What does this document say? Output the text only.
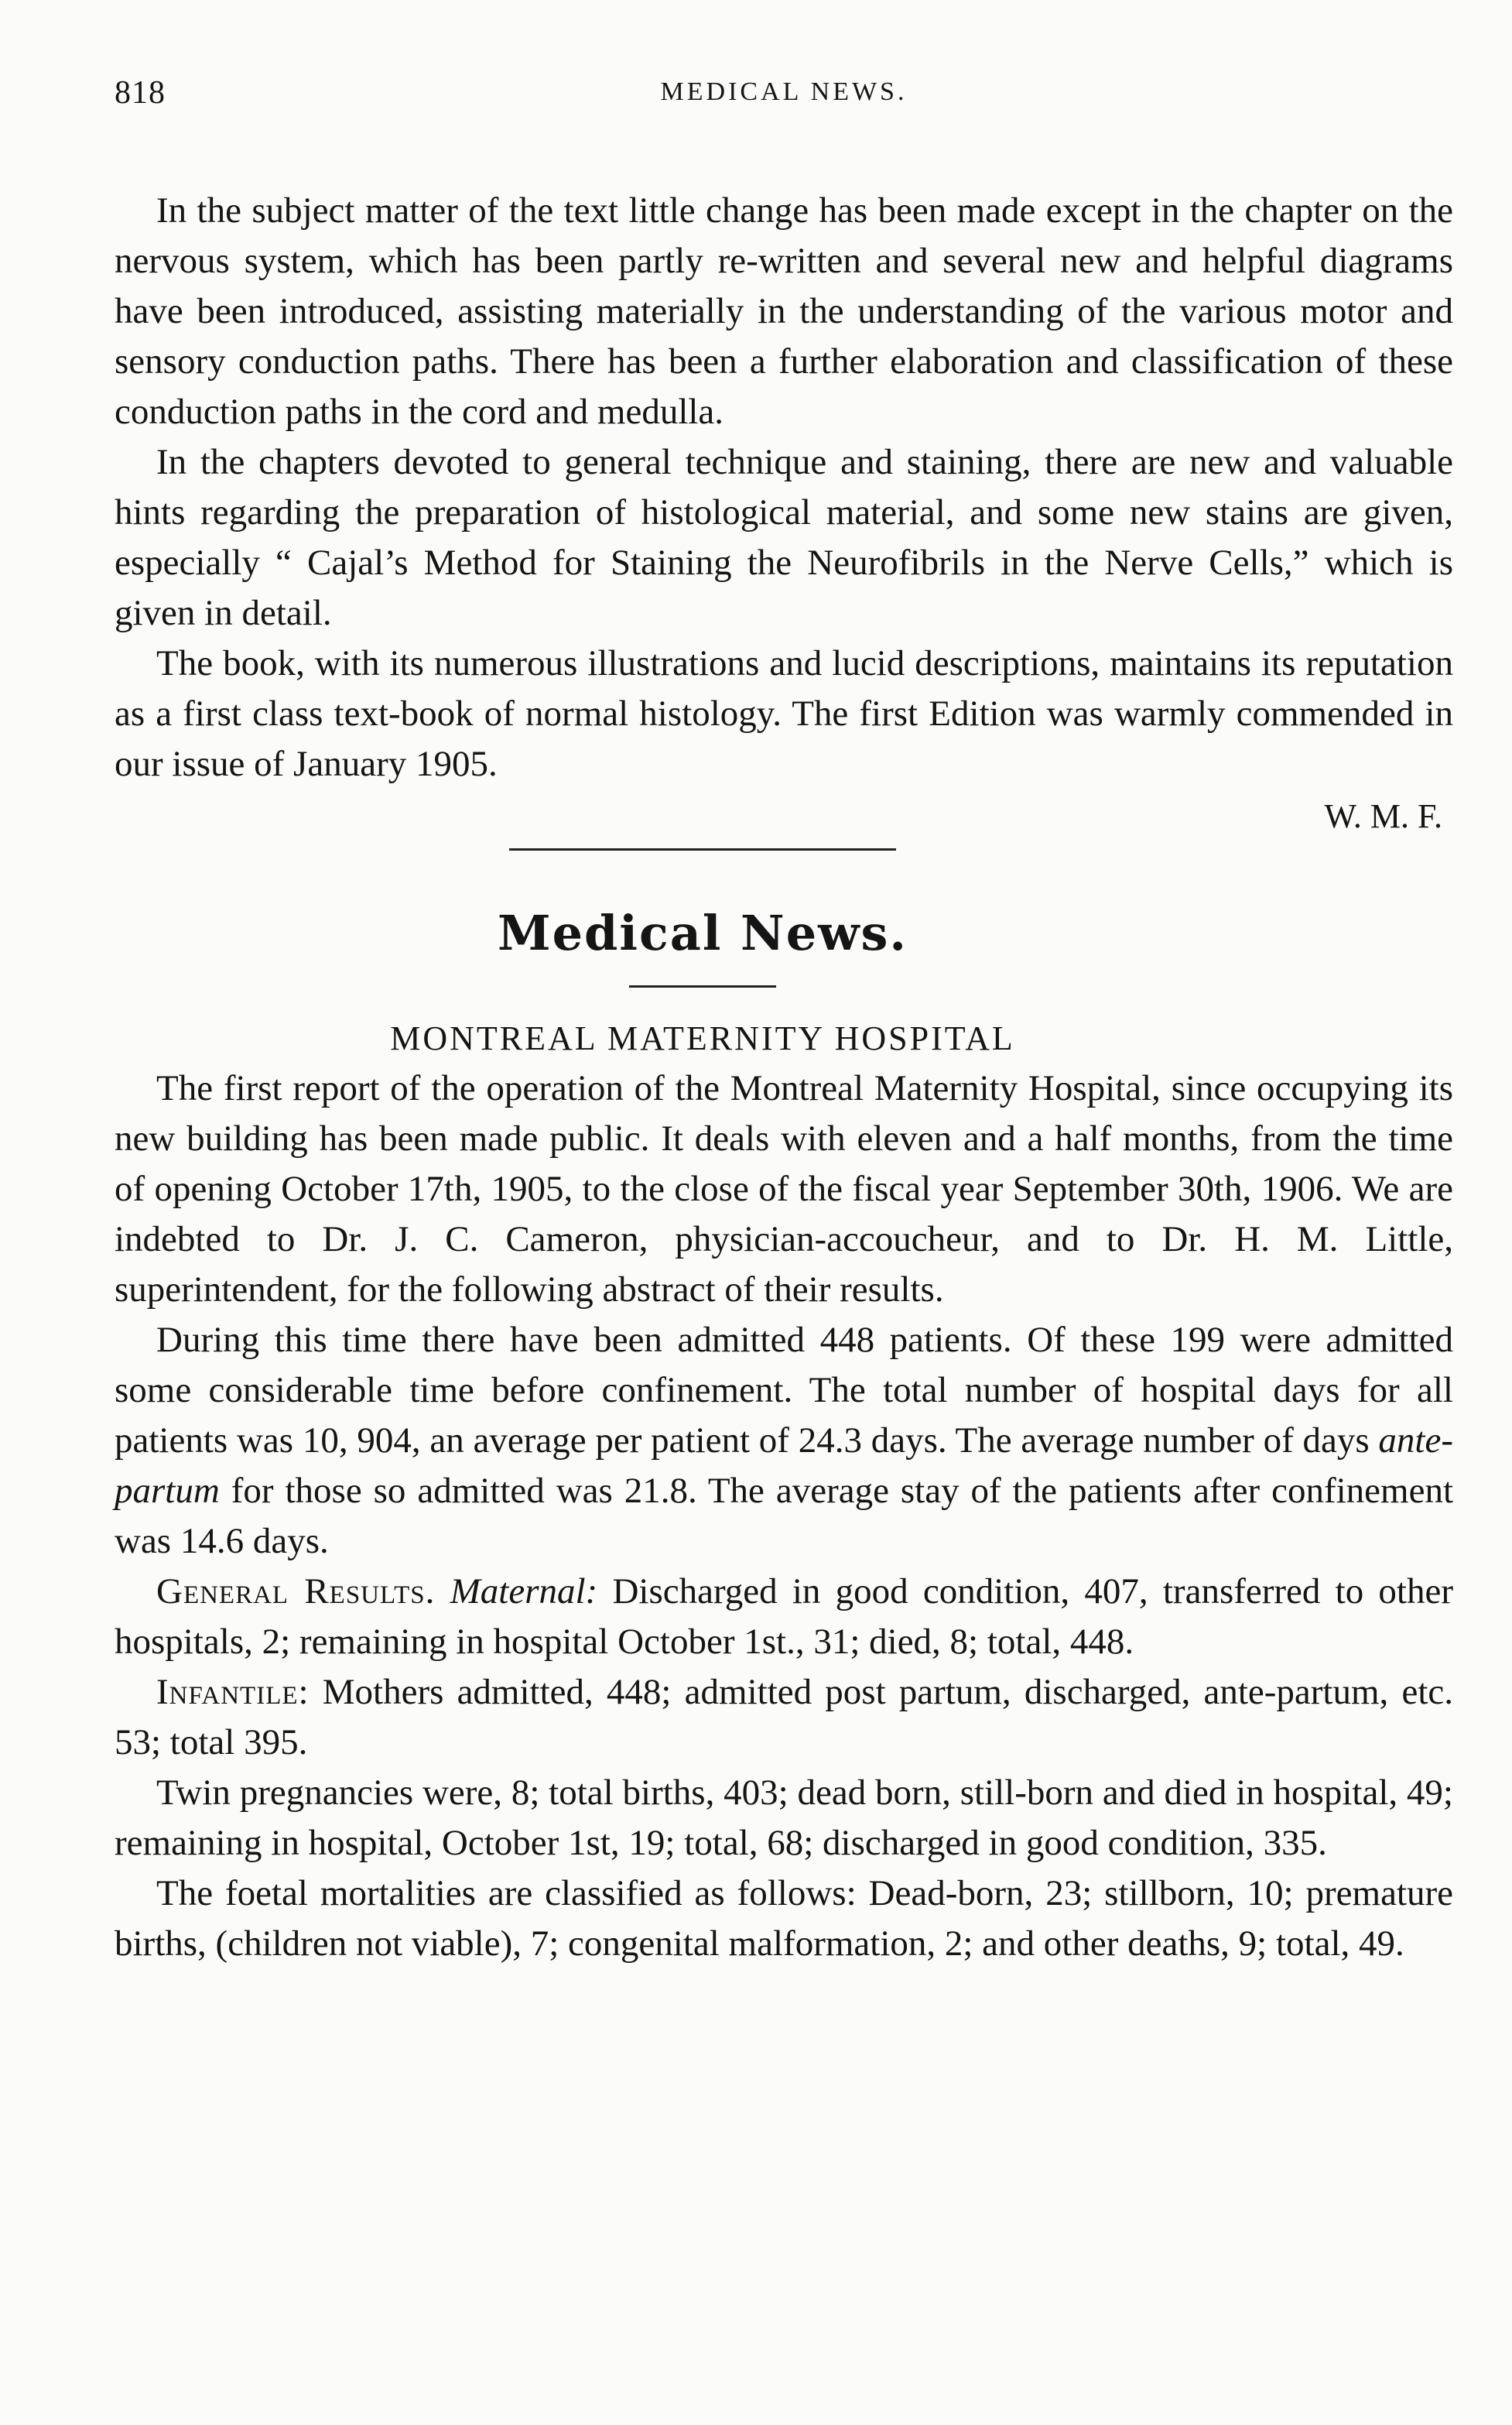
818	MEDICAL NEWS.

In the subject matter of the text little change has been made except in the chapter on the nervous system, which has been partly re-written and several new and helpful diagrams have been introduced, assisting materially in the understanding of the various motor and sensory conduction paths. There has been a further elaboration and classification of these conduction paths in the cord and medulla.

In the chapters devoted to general technique and staining, there are new and valuable hints regarding the preparation of histological material, and some new stains are given, especially “ Cajal’s Method for Staining the Neurofibrils in the Nerve Cells,” which is given in detail.

The book, with its numerous illustrations and lucid descriptions, maintains its reputation as a first class text-book of normal histology. The first Edition was warmly commended in our issue of January 1905.

W. M. F.
Medical News.
MONTREAL MATERNITY HOSPITAL

The first report of the operation of the Montreal Maternity Hospital, since occupying its new building has been made public. It deals with eleven and a half months, from the time of opening October 17th, 1905, to the close of the fiscal year September 30th, 1906. We are indebted to Dr. J. C. Cameron, physician-accoucheur, and to Dr. H. M. Little, superintendent, for the following abstract of their results.

During this time there have been admitted 448 patients. Of these 199 were admitted some considerable time before confinement. The total number of hospital days for all patients was 10, 904, an average per patient of 24.3 days. The average number of days ante-partum for those so admitted was 21.8. The average stay of the patients after confinement was 14.6 days.

General Results. Maternal: Discharged in good condition, 407, transferred to other hospitals, 2; remaining in hospital October 1st., 31; died, 8; total, 448.

Infantile: Mothers admitted, 448; admitted post partum, discharged, ante-partum, etc. 53; total 395.

Twin pregnancies were, 8; total births, 403; dead born, still-born and died in hospital, 49; remaining in hospital, October 1st, 19; total, 68; discharged in good condition, 335.

The foetal mortalities are classified as follows: Dead-born, 23; stillborn, 10; premature births, (children not viable), 7; congenital malformation, 2; and other deaths, 9; total, 49.
